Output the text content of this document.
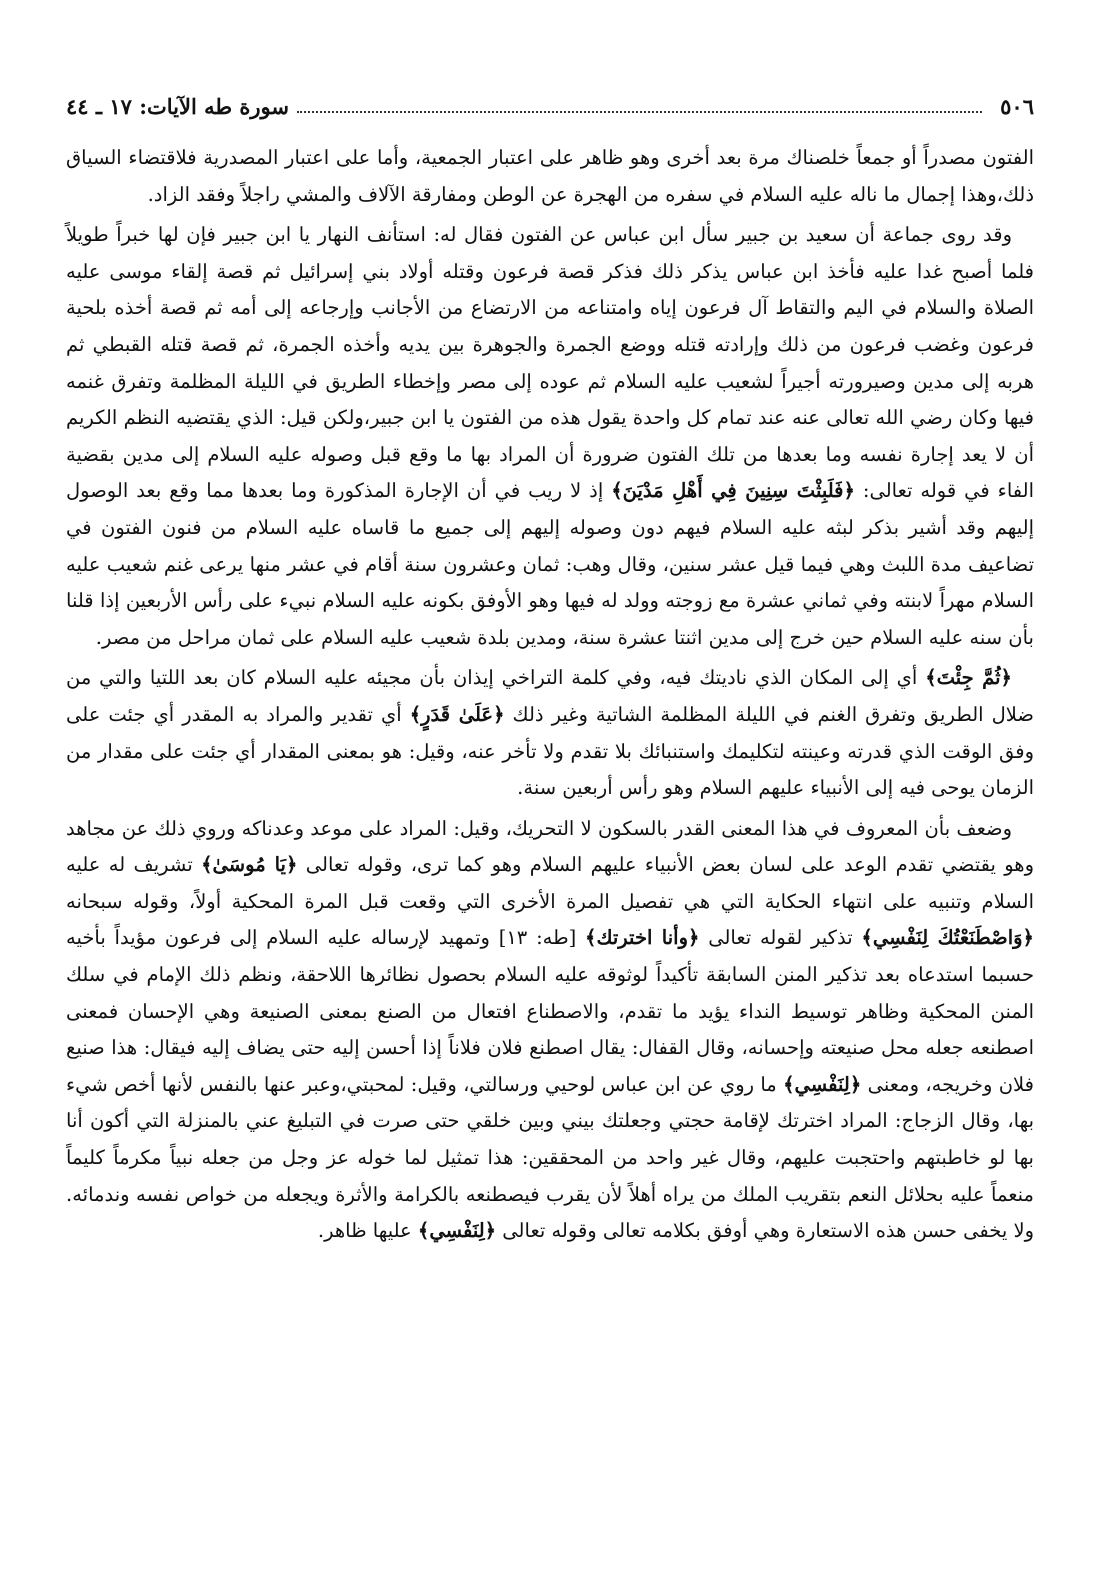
٥٠٦
سورة طه الآيات: ١٧ ـ ٤٤

الفتون مصدراً أو جمعاً خلصناك مرة بعد أخرى وهو ظاهر على اعتبار الجمعية، وأما على اعتبار المصدرية فلاقتضاء السياق ذلك،وهذا إجمال ما ناله عليه السلام في سفره من الهجرة عن الوطن ومفارقة الآلاف والمشي راجلاً وفقد الزاد.

وقد روى جماعة أن سعيد بن جبير سأل ابن عباس عن الفتون فقال له: استأنف النهار يا ابن جبير فإن لها خبراً طويلاً فلما أصبح غدا عليه فأخذ ابن عباس يذكر ذلك فذكر قصة فرعون وقتله أولاد بني إسرائيل ثم قصة إلقاء موسى عليه الصلاة والسلام في اليم والتقاط آل فرعون إياه وامتناعه من الارتضاع من الأجانب وإرجاعه إلى أمه ثم قصة أخذه بلحية فرعون وغضب فرعون من ذلك وإرادته قتله ووضع الجمرة والجوهرة بين يديه وأخذه الجمرة، ثم قصة قتله القبطي ثم هربه إلى مدين وصيرورته أجيراً لشعيب عليه السلام ثم عوده إلى مصر وإخطاء الطريق في الليلة المظلمة وتفرق غنمه فيها وكان رضي الله تعالى عنه عند تمام كل واحدة يقول هذه من الفتون يا ابن جبير،ولكن قيل: الذي يقتضيه النظم الكريم أن لا يعد إجارة نفسه وما بعدها من تلك الفتون ضرورة أن المراد بها ما وقع قبل وصوله عليه السلام إلى مدين بقضية الفاء في قوله تعالى: ﴿فَلَبِثْتَ سِنِينَ فِي أَهْلِ مَدْيَنَ﴾ إذ لا ريب في أن الإجارة المذكورة وما بعدها مما وقع بعد الوصول إليهم وقد أشير بذكر لبثه عليه السلام فيهم دون وصوله إليهم إلى جميع ما قاساه عليه السلام من فنون الفتون في تضاعيف مدة اللبث وهي فيما قيل عشر سنين، وقال وهب: ثمان وعشرون سنة أقام في عشر منها يرعى غنم شعيب عليه السلام مهراً لابنته وفي ثماني عشرة مع زوجته وولد له فيها وهو الأوفق بكونه عليه السلام نبيء على رأس الأربعين إذا قلنا بأن سنه عليه السلام حين خرج إلى مدين اثنتا عشرة سنة، ومدين بلدة شعيب عليه السلام على ثمان مراحل من مصر.

﴿ثُمَّ جِئْتَ﴾ أي إلى المكان الذي ناديتك فيه، وفي كلمة التراخي إيذان بأن مجيئه عليه السلام كان بعد اللتيا والتي من ضلال الطريق وتفرق الغنم في الليلة المظلمة الشاتية وغير ذلك ﴿عَلَىٰ قَدَرٍ﴾ أي تقدير والمراد به المقدر أي جئت على وفق الوقت الذي قدرته وعينته لتكليمك واستنبائك بلا تقدم ولا تأخر عنه، وقيل: هو بمعنى المقدار أي جئت على مقدار من الزمان يوحى فيه إلى الأنبياء عليهم السلام وهو رأس أربعين سنة.

وضعف بأن المعروف في هذا المعنى القدر بالسكون لا التحريك، وقيل: المراد على موعد وعدناكه وروي ذلك عن مجاهد وهو يقتضي تقدم الوعد على لسان بعض الأنبياء عليهم السلام وهو كما ترى، وقوله تعالى ﴿يَا مُوسَىٰ﴾ تشريف له عليه السلام وتنبيه على انتهاء الحكاية التي هي تفصيل المرة الأخرى التي وقعت قبل المرة المحكية أولاً، وقوله سبحانه ﴿وَاصْطَنَعْتُكَ لِنَفْسِي﴾ تذكير لقوله تعالى ﴿وأنا اخترتك﴾ [طه: ١٣] وتمهيد لإرساله عليه السلام إلى فرعون مؤيداً بأخيه حسبما استدعاه بعد تذكير المنن السابقة تأكيداً لوثوقه عليه السلام بحصول نظائرها اللاحقة، ونظم ذلك الإمام في سلك المنن المحكية وظاهر توسيط النداء يؤيد ما تقدم، والاصطناع افتعال من الصنع بمعنى الصنيعة وهي الإحسان فمعنى اصطنعه جعله محل صنيعته وإحسانه، وقال القفال: يقال اصطنع فلان فلاناً إذا أحسن إليه حتى يضاف إليه فيقال: هذا صنيع فلان وخريجه، ومعنى ﴿لِنَفْسِي﴾ ما روي عن ابن عباس لوحيي ورسالتي، وقيل: لمحبتي،وعبر عنها بالنفس لأنها أخص شيء بها، وقال الزجاج: المراد اخترتك لإقامة حجتي وجعلتك بيني وبين خلقي حتى صرت في التبليغ عني بالمنزلة التي أكون أنا بها لو خاطبتهم واحتجبت عليهم، وقال غير واحد من المحققين: هذا تمثيل لما خوله عز وجل من جعله نبياً مكرماً كليماً منعماً عليه بحلائل النعم بتقريب الملك من يراه أهلاً لأن يقرب فيصطنعه بالكرامة والأثرة ويجعله من خواص نفسه وندمائه. ولا يخفى حسن هذه الاستعارة وهي أوفق بكلامه تعالى وقوله تعالى ﴿لِنَفْسِي﴾ عليها ظاهر.
